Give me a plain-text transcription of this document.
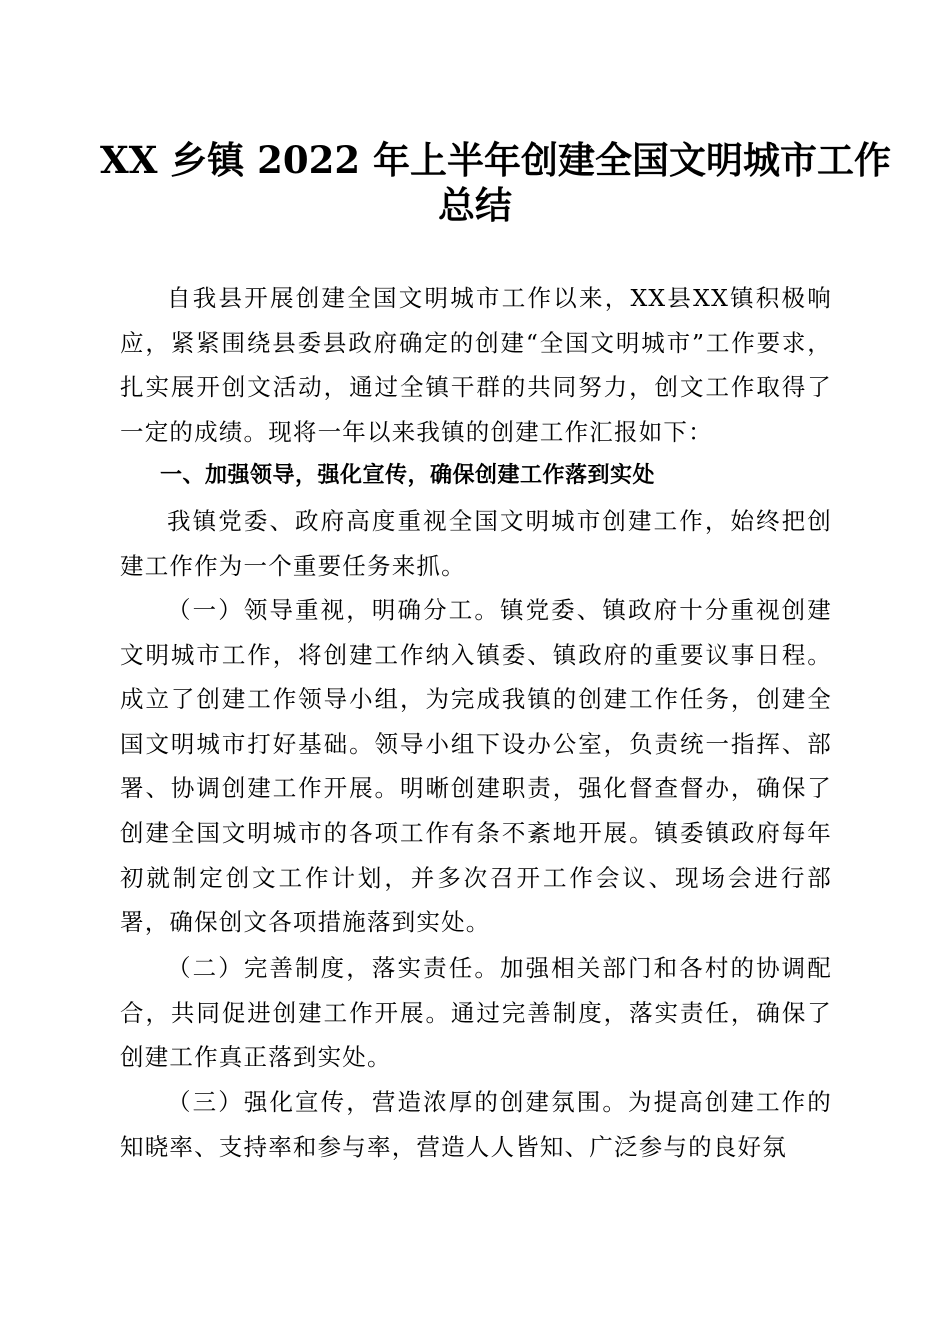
XX 乡镇 2022 年上半年创建全国文明城市工作
总结

自我县开展创建全国文明城市工作以来，XX县XX镇积极响应，紧紧围绕县委县政府确定的创建“全国文明城市”工作要求，扎实展开创文活动，通过全镇干群的共同努力，创文工作取得了一定的成绩。现将一年以来我镇的创建工作汇报如下：

一、加强领导，强化宣传，确保创建工作落到实处

我镇党委、政府高度重视全国文明城市创建工作，始终把创建工作作为一个重要任务来抓。

（一）领导重视，明确分工。镇党委、镇政府十分重视创建文明城市工作，将创建工作纳入镇委、镇政府的重要议事日程。成立了创建工作领导小组，为完成我镇的创建工作任务，创建全国文明城市打好基础。领导小组下设办公室，负责统一指挥、部署、协调创建工作开展。明晰创建职责，强化督查督办，确保了创建全国文明城市的各项工作有条不紊地开展。镇委镇政府每年初就制定创文工作计划，并多次召开工作会议、现场会进行部署，确保创文各项措施落到实处。

（二）完善制度，落实责任。加强相关部门和各村的协调配合，共同促进创建工作开展。通过完善制度，落实责任，确保了创建工作真正落到实处。

（三）强化宣传，营造浓厚的创建氛围。为提高创建工作的知晓率、支持率和参与率，营造人人皆知、广泛参与的良好氛
